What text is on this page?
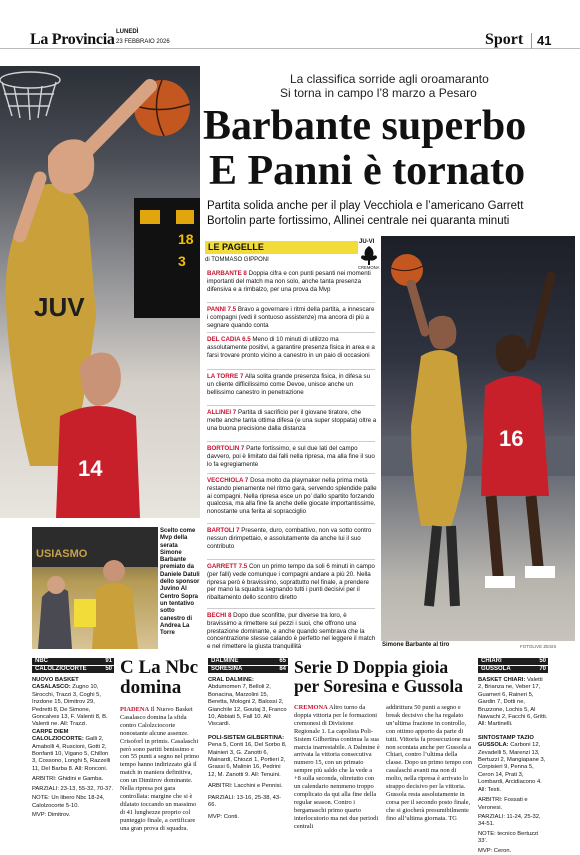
La Provincia LUNEDÌ
23 FEBBRAIO 2026	Sport 41
18
3
JUV
14
La classifica sorride agli oroamaranto
Si torna in campo l’8 marzo a Pesaro
Barbante superbo
E Panni è tornato
Partita solida anche per il play Vecchiola e l’americano Garrett
Bortolin parte fortissimo, Allinei centrale nei quaranta minuti
LE PAGELLE
di TOMMASO GIPPONI
JU-VI
CREMONA
BARBANTE 8 Doppia cifra e con punti pesanti nei momenti importanti del match ma non solo, anche tanta presenza difensiva e a rimbalzo, per una prova da Mvp
PANNI 7.5 Bravo a governare i ritmi della partita, a innescare i compagni (vedi il sontuoso assistenze) ma ancora di più a segnare quando conta
DEL CADIA 6.5 Meno di 10 minuti di utilizzo ma assolutamente positivi, a garantire presenza fisica in area e a farsi trovare pronto vicino a canestro in un paio di occasioni
LA TORRE 7 Alla solita grande presenza fisica, in difesa su un cliente difficilissimo come Devoe, unisce anche un bellissimo canestro in penetrazione
ALLINEI 7 Partita di sacrificio per il giovane tiratore, che mette anche tanta ottima difesa (e una super stoppata) oltre a una buona precisione dalla distanza
BORTOLIN 7 Parte fortissimo, e sul due lati del campo davvero, poi è limitato dai falli nella ripresa, ma alla fine il suo lo fa egregiamente
VECCHIOLA 7 Dosa molto da playmaker nella prima metà restando pienamente nel ritmo gara, servendo splendide palle ai compagni. Nella ripresa esce un po’ dallo spartito forzando qualcosa, ma alla fine fa anche delle giocate importantissime, nonostante una ferita al sopracciglio
BARTOLI 7 Presente, duro, combattivo, non va sotto contro nessun dirimpettaio, e assolutamente da anche lui il suo contributo
GARRETT 7.5 Con un primo tempo da soli 6 minuti in campo (per falli) vede comunque i compagni andare a più 20. Nella ripresa però è bravissimo, soprattutto nel finale, a prendere per mano la squadra segnando tutti i punti decisivi per il ribaltamento dello scontro diretto
BECHI 8 Dopo due sconfitte, pur diverse tra loro, è bravissimo a rimettere sui pezzi i suoi, che offrono una prestazione dominante, e anche quando sembrava che la concentrazione stesse calando è perfetto nel leggere il match e nel rimettere la giusta tranquillità
16
USIASMO
Scelto come Mvp della serata Simone Barbante premiato da Daniele Datuli dello sponsor Juvino Al Centro Sopra un tentativo sotto canestro di Andrea La Torre
Simone Barbante al tiro	FOTOLIVE ZESIS
NBC	91
CALOLZIOCORTE	50
NUOVO BASKET CASALASCO: Zugno 10, Sirocchi, Trazzi 3, Coghi 5, Inzdone 15, Dimitrov 29, Pedretti 8, De Simone, Goncalves 13, F. Valenti 8, B. Valenti ne. All: Trazzi.
CARPE DIEM CALOLZIOCORTE: Galli 2, Amabolli 4, Ruscioni, Gotti 2, Bonfanti 10, Vigano 5, Chillon 3, Cossono, Longhi 5, Razzelli 11, Del Barba 8. All: Ronconi.
ARBITRI: Ghidini e Gamba.
PARZIALI: 23-13, 55-32, 70-37.
NOTE: Un libero Nbc 18-24, Calolzocorte 5-10.
MVP: Dimitrov.
C La Nbc
domina
PIADENA Il Nuovo Basket Casalasco domina la sfida contro Calolzciocorte nonostante alcune assenze. Crisoforl in primis. Casalaschi però sono partiti benissimo e con 55 punti a segno nel primo tempo hanno indirizzato già il match in maniera definitiva, con un Dimitrov dominante. Nella ripresa poi gara controllata: margine che si è dilatato toccando un massimo di 41 lunghezze proprio col punteggio finale, a certificare una gran prova di squadra.
DALMINE	65
SORESINA	84
CRAL DALMINE: Abdumomen 7, Belloli 2, Bonacina, Marzolini 15, Beretta, Mologni 2, Balossi 2, Gianchile 12, Goutaj 3, Franco 10, Abbiati 5, Fall 10. All: Viscardi.

POLI-SISTEM GILBERTINA: Pena 5, Conti 16, Del Sorbo 8, Mainieri 3, G. Zanotti 6, Mainardi, Chiozzi 1, Portieri 2, Grassi 6, Malinin 16, Pedrini 12, M. Zanotti 9. All: Tenuini.
ARBITRI: Lacchini e Pennisi.
PARZIALI: 13-16, 25-38, 43-66.
MVP: Conti.
Serie D Doppia gioia
per Soresina e Gussola
CREMONA Altro turno da doppia vittoria per le formazioni cremonesi di Divisione Regionale 1. La capolista Poli-Sistem Gilbertina continua la sua marcia inarrestabile. A Dalmine è arrivata la vittoria consecutiva numero 15, con un primato sempre più saldo che la vede a +8 sulla seconda, oltretutto con un calendario nemmeno troppo complicato da qui alla fine della regular season. Contro i bergamaschi primo quarto interlocutorio ma nei due periodi centrali
addirittura 50 punti a segno e break decisivo che ha regalato un’ultima frazione in controllo, con ottimo apporto da parte di tutti. Vittoria fa prosecuzione ma non scontata anche per Gussola a Chiari, contro l’ultima della classe. Dopo un primo tempo con casalaschi avanti ma non di molto, nella ripresa è arrivato lo strappo decisivo per la vittoria. Gussola resta assolutamente in corsa per il secondo posto finale, che si giocherà presumibilmente fino all’ultima giornata. TG
CHIARI	50
GUSSOLA	70
BASKET CHIARI: Valetti 2, Brianza ne, Veber 17, Guarneri 6, Raineri 5, Gardin 7, Dotti ne, Bruzzone, Lochis 5, Al Nawachi 2, Facchi 6, Gritti. All: Martinelli.
SINTOSTAMP TAZIO GUSSOLA: Carboni 12, Zevadelli 5, Marenzi 13, Bertuzzi 2, Mangiapane 3, Corpisieri 9, Penna 5, Ceron 14, Prati 3, Lombardi, Arcidiacono 4. All: Testi.
ARBITRI: Fossati e Veronesi.
PARZIALI: 11-24, 25-32, 34-51.
NOTE: tecnico Bertuzzi 33’.
MVP: Ceron.
